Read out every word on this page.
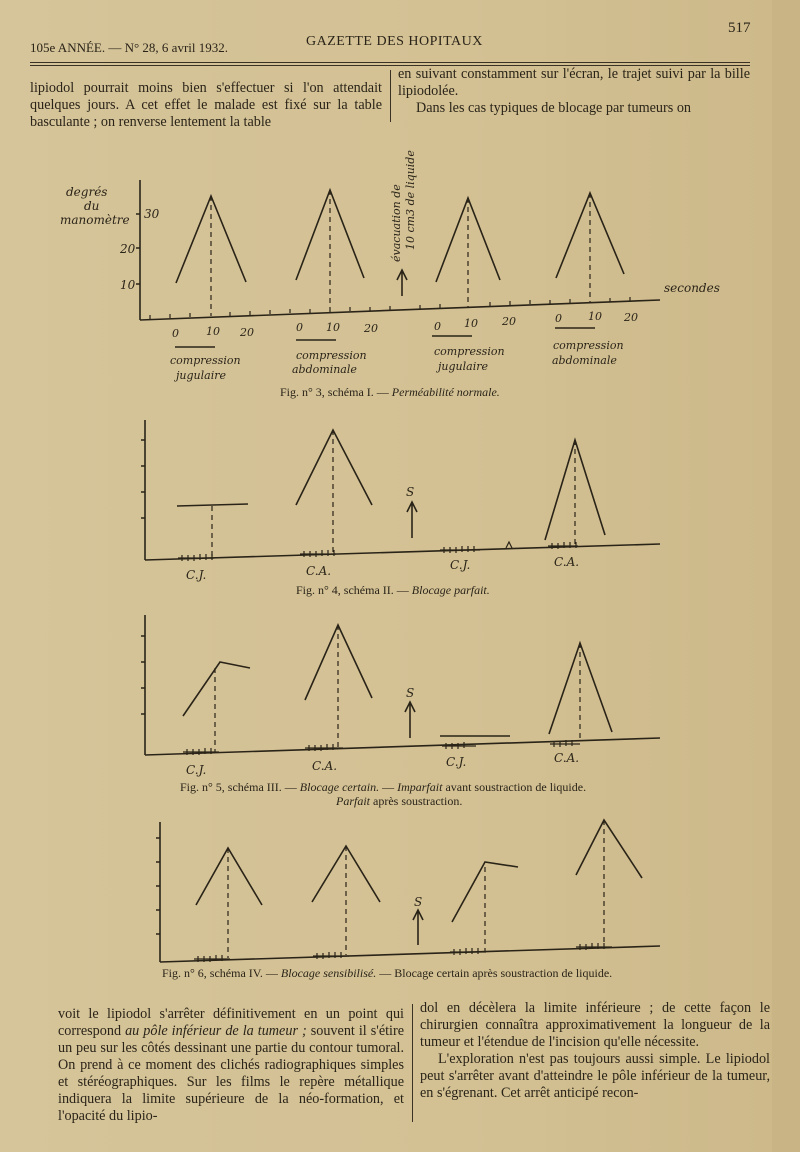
105e ANNÉE. — N° 28, 6 avril 1932.	GAZETTE DES HOPITAUX
517
lipiodol pourrait moins bien s'effectuer si l'on attendait quelques jours. A cet effet le malade est fixé sur la table basculante ; on renverse lentement la table
en suivant constamment sur l'écran, le trajet suivi par la bille lipiodolée.
Dans les cas typiques de blocage par tumeurs on
degrés
du
manomètre 30
20
10
évacuation de 10 cm3 de liquide
secondes
0 10 20	0 10 20	0 10 20	0 10 20
compression
jugulaire
compression
abdominale
compression
jugulaire
compression
abdominale
S
C.J.	C.A.	C.J.	C.A.
S
C.J.	C.A.	C.J.	C.A.
S
Fig. n° 3, schéma I. — Perméabilité normale.
Fig. n° 4, schéma II. — Blocage parfait.
Fig. n° 5, schéma III. — Blocage certain. — Imparfait avant soustraction de liquide.
Parfait après soustraction.
Fig. n° 6, schéma IV. — Blocage sensibilisé. — Blocage certain après soustraction de liquide.
voit le lipiodol s'arrêter définitivement en un point qui correspond au pôle inférieur de la tumeur ; souvent il s'étire un peu sur les côtés dessinant une partie du contour tumoral. On prend à ce moment des clichés radiographiques simples et stéréographiques. Sur les films le repère métallique indiquera la limite supérieure de la néo-formation, et l'opacité du lipio-
dol en décèlera la limite inférieure ; de cette façon le chirurgien connaîtra approximativement la longueur de la tumeur et l'étendue de l'incision qu'elle nécessite.
L'exploration n'est pas toujours aussi simple. Le lipiodol peut s'arrêter avant d'atteindre le pôle inférieur de la tumeur, en s'égrenant. Cet arrêt anticipé recon-
